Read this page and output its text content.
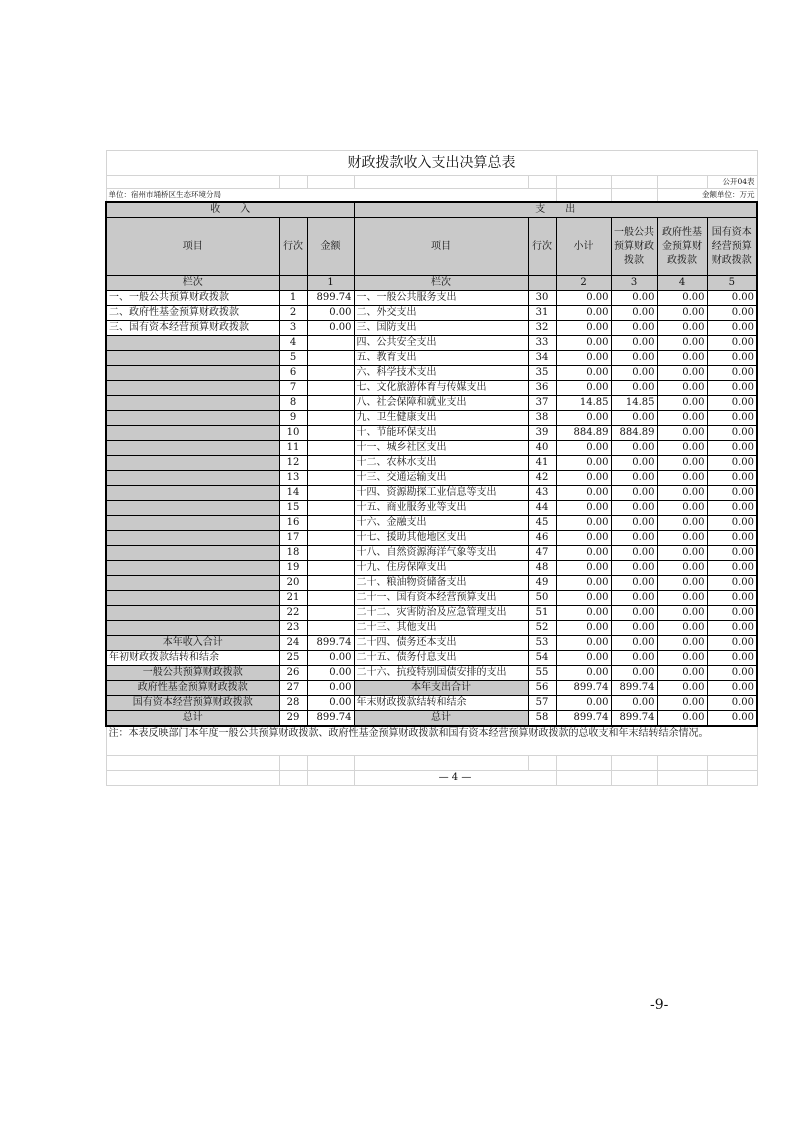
财政拨款收入支出决算总表								
								公开04表
单位：宿州市埇桥区生态环境分局							金额单位：万元	
收　　入			支　　出					
项目	行次	金额	项目	行次	小计	一般公共预算财政拨款	政府性基金预算财政拨款	国有资本经营预算财政拨款
栏次		1	栏次		2	3	4	5
一、一般公共预算财政拨款	1	899.74	一、一般公共服务支出	30	0.00	0.00	0.00	0.00
二、政府性基金预算财政拨款	2	0.00	二、外交支出	31	0.00	0.00	0.00	0.00
三、国有资本经营预算财政拨款	3	0.00	三、国防支出	32	0.00	0.00	0.00	0.00
	4		四、公共安全支出	33	0.00	0.00	0.00	0.00
	5		五、教育支出	34	0.00	0.00	0.00	0.00
	6		六、科学技术支出	35	0.00	0.00	0.00	0.00
	7		七、文化旅游体育与传媒支出	36	0.00	0.00	0.00	0.00
	8		八、社会保障和就业支出	37	14.85	14.85	0.00	0.00
	9		九、卫生健康支出	38	0.00	0.00	0.00	0.00
	10		十、节能环保支出	39	884.89	884.89	0.00	0.00
	11		十一、城乡社区支出	40	0.00	0.00	0.00	0.00
	12		十二、农林水支出	41	0.00	0.00	0.00	0.00
	13		十三、交通运输支出	42	0.00	0.00	0.00	0.00
	14		十四、资源勘探工业信息等支出	43	0.00	0.00	0.00	0.00
	15		十五、商业服务业等支出	44	0.00	0.00	0.00	0.00
	16		十六、金融支出	45	0.00	0.00	0.00	0.00
	17		十七、援助其他地区支出	46	0.00	0.00	0.00	0.00
	18		十八、自然资源海洋气象等支出	47	0.00	0.00	0.00	0.00
	19		十九、住房保障支出	48	0.00	0.00	0.00	0.00
	20		二十、粮油物资储备支出	49	0.00	0.00	0.00	0.00
	21		二十一、国有资本经营预算支出	50	0.00	0.00	0.00	0.00
	22		二十二、灾害防治及应急管理支出	51	0.00	0.00	0.00	0.00
	23		二十三、其他支出	52	0.00	0.00	0.00	0.00
本年收入合计	24	899.74	二十四、债务还本支出	53	0.00	0.00	0.00	0.00
年初财政拨款结转和结余	25	0.00	二十五、债务付息支出	54	0.00	0.00	0.00	0.00
一般公共预算财政拨款	26	0.00	二十六、抗疫特别国债安排的支出	55	0.00	0.00	0.00	0.00
政府性基金预算财政拨款	27	0.00	本年支出合计	56	899.74	899.74	0.00	0.00
国有资本经营预算财政拨款	28	0.00	年末财政拨款结转和结余	57	0.00	0.00	0.00	0.00
总计	29	899.74	总计	58	899.74	899.74	0.00	0.00
注：本表反映部门本年度一般公共预算财政拨款、政府性基金预算财政拨款和国有资本经营预算财政拨款的总收支和年末结转结余情况。								

			— 4 —					
-9-
